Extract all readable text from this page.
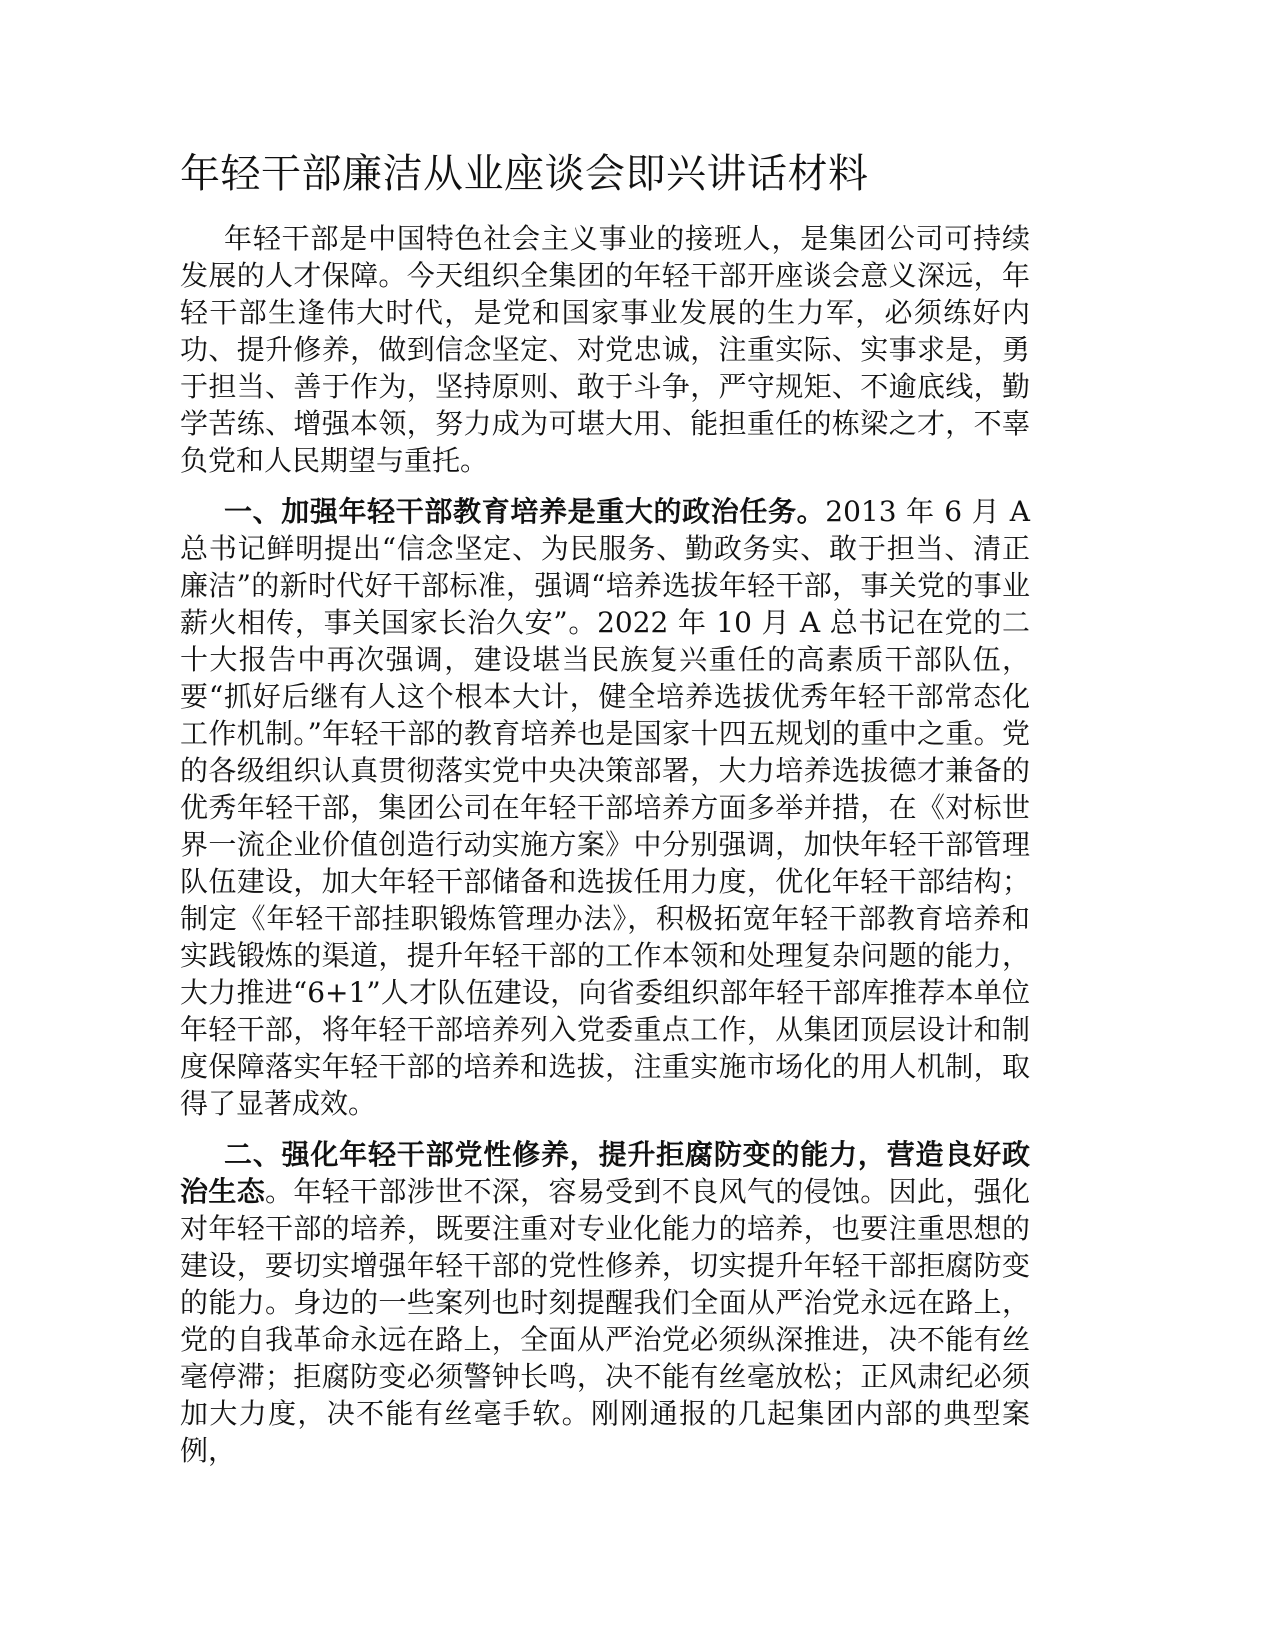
年轻干部廉洁从业座谈会即兴讲话材料

年轻干部是中国特色社会主义事业的接班人，是集团公司可持续发展的人才保障。今天组织全集团的年轻干部开座谈会意义深远，年轻干部生逢伟大时代，是党和国家事业发展的生力军，必须练好内功、提升修养，做到信念坚定、对党忠诚，注重实际、实事求是，勇于担当、善于作为，坚持原则、敢于斗争，严守规矩、不逾底线，勤学苦练、增强本领，努力成为可堪大用、能担重任的栋梁之才，不辜负党和人民期望与重托。

一、加强年轻干部教育培养是重大的政治任务。2013 年 6 月 A 总书记鲜明提出“信念坚定、为民服务、勤政务实、敢于担当、清正廉洁”的新时代好干部标准，强调“培养选拔年轻干部，事关党的事业薪火相传，事关国家长治久安”。2022 年 10 月 A 总书记在党的二十大报告中再次强调，建设堪当民族复兴重任的高素质干部队伍，要“抓好后继有人这个根本大计，健全培养选拔优秀年轻干部常态化工作机制。”年轻干部的教育培养也是国家十四五规划的重中之重。党的各级组织认真贯彻落实党中央决策部署，大力培养选拔德才兼备的优秀年轻干部，集团公司在年轻干部培养方面多举并措，在《对标世界一流企业价值创造行动实施方案》中分别强调，加快年轻干部管理队伍建设，加大年轻干部储备和选拔任用力度，优化年轻干部结构；制定《年轻干部挂职锻炼管理办法》，积极拓宽年轻干部教育培养和实践锻炼的渠道，提升年轻干部的工作本领和处理复杂问题的能力，大力推进“6+1”人才队伍建设，向省委组织部年轻干部库推荐本单位年轻干部，将年轻干部培养列入党委重点工作，从集团顶层设计和制度保障落实年轻干部的培养和选拔，注重实施市场化的用人机制，取得了显著成效。

二、强化年轻干部党性修养，提升拒腐防变的能力，营造良好政治生态。年轻干部涉世不深，容易受到不良风气的侵蚀。因此，强化对年轻干部的培养，既要注重对专业化能力的培养，也要注重思想的建设，要切实增强年轻干部的党性修养，切实提升年轻干部拒腐防变的能力。身边的一些案列也时刻提醒我们全面从严治党永远在路上，党的自我革命永远在路上，全面从严治党必须纵深推进，决不能有丝毫停滞；拒腐防变必须警钟长鸣，决不能有丝毫放松；正风肃纪必须加大力度，决不能有丝毫手软。刚刚通报的几起集团内部的典型案例，
